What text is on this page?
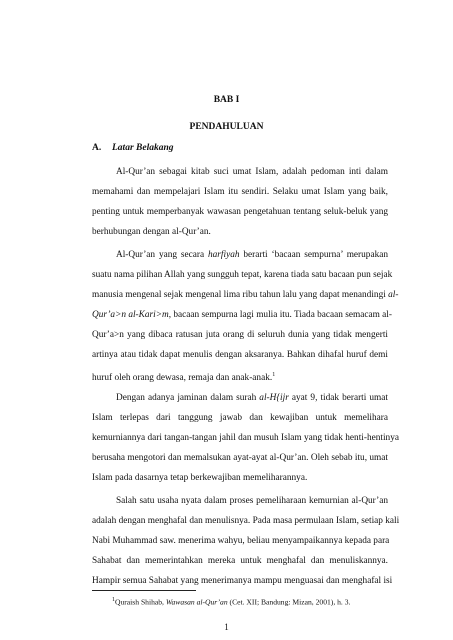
BAB I
PENDAHULUAN
A. Latar Belakang
Al-Qur’an sebagai kitab suci umat Islam, adalah pedoman inti dalam
memahami dan mempelajari Islam itu sendiri. Selaku umat Islam yang baik,
penting untuk memperbanyak wawasan pengetahuan tentang seluk-beluk yang
berhubungan dengan al-Qur’an.
Al-Qur’an yang secara harfiyah berarti ‘bacaan sempurna’ merupakan
suatu nama pilihan Allah yang sungguh tepat, karena tiada satu bacaan pun sejak
manusia mengenal sejak mengenal lima ribu tahun lalu yang dapat menandingi al-
Qur’a>n al-Kari>m, bacaan sempurna lagi mulia itu. Tiada bacaan semacam al-
Qur’a>n yang dibaca ratusan juta orang di seluruh dunia yang tidak mengerti
artinya atau tidak dapat menulis dengan aksaranya. Bahkan dihafal huruf demi
huruf oleh orang dewasa, remaja dan anak-anak.$^1$
Dengan adanya jaminan dalam surah al-H{ijr ayat 9, tidak berarti umat
Islam terlepas dari tanggung jawab dan kewajiban untuk memelihara
kemurniannya dari tangan-tangan jahil dan musuh Islam yang tidak henti-hentinya
berusaha mengotori dan memalsukan ayat-ayat al-Qur’an. Oleh sebab itu, umat
Islam pada dasarnya tetap berkewajiban memeliharannya.
Salah satu usaha nyata dalam proses pemeliharaan kemurnian al-Qur’an
adalah dengan menghafal dan menulisnya. Pada masa permulaan Islam, setiap kali
Nabi Muhammad saw. menerima wahyu, beliau menyampaikannya kepada para
Sahabat dan memerintahkan mereka untuk menghafal dan menuliskannya.
Hampir semua Sahabat yang menerimanya mampu menguasai dan menghafal isi
$^1$Quraish Shihab, Wawasan al-Qur’an (Cet. XII; Bandung: Mizan, 2001), h. 3.
1
